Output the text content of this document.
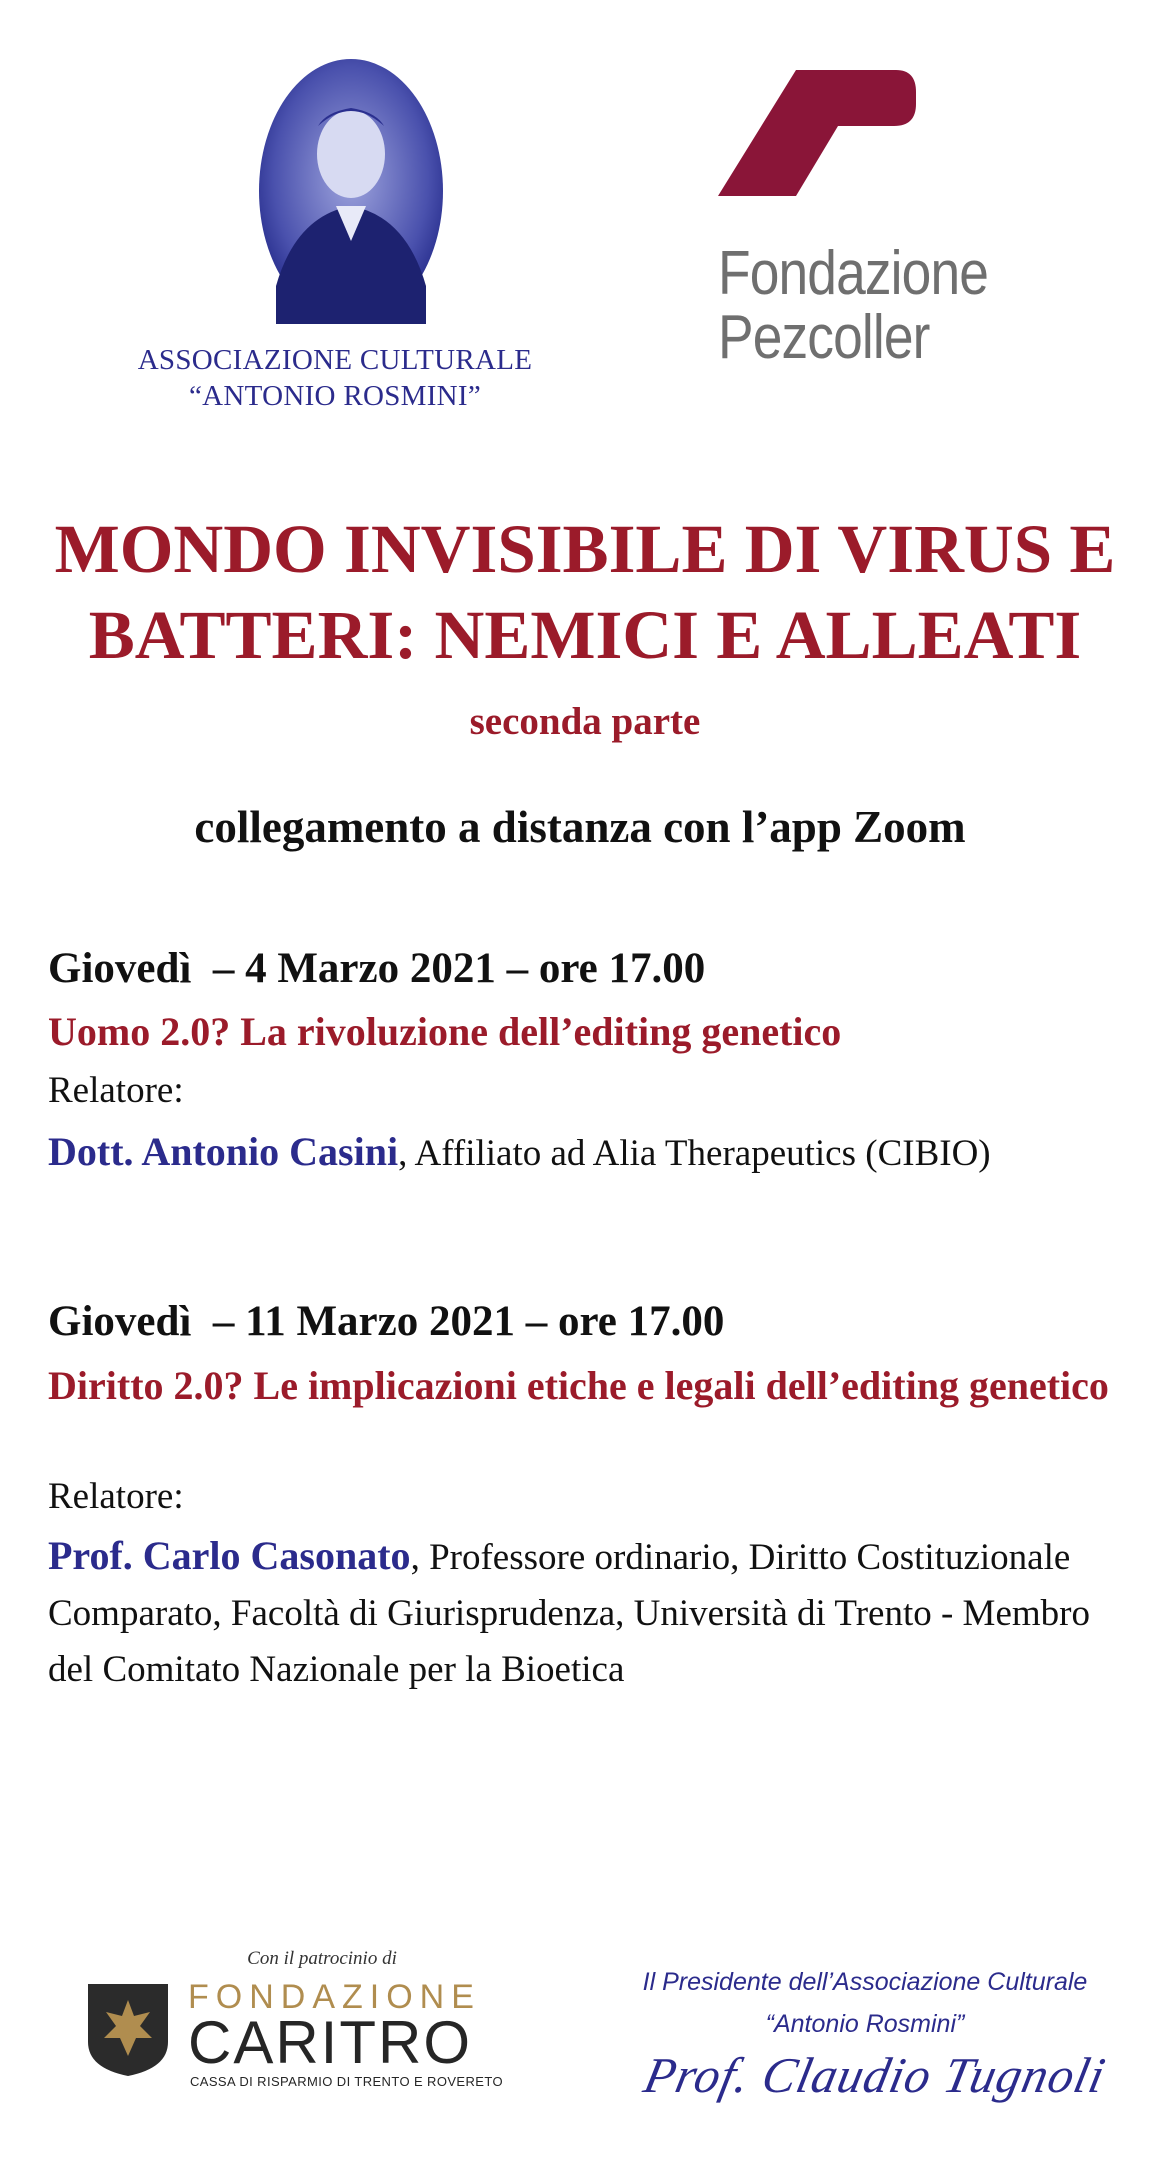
ASSOCIAZIONE CULTURALE
“ANTONIO ROSMINI”
Fondazione
Pezcoller
MONDO INVISIBILE DI VIRUS E
BATTERI: NEMICI E ALLEATI
seconda parte
collegamento a distanza con l’app Zoom
Giovedì  – 4 Marzo 2021 – ore 17.00
Uomo 2.0? La rivoluzione dell’editing genetico
Relatore:
Dott. Antonio Casini, Affiliato ad Alia Therapeutics (CIBIO)
Giovedì  – 11 Marzo 2021 – ore 17.00
Diritto 2.0? Le implicazioni etiche e legali dell’editing genetico
Relatore:
Prof. Carlo Casonato, Professore ordinario, Diritto Costituzionale Comparato, Facoltà di Giurisprudenza, Università di Trento - Membro del Comitato Nazionale per la Bioetica
Con il patrocinio di
FONDAZIONE
CARITRO
CASSA DI RISPARMIO DI TRENTO E ROVERETO
Il Presidente dell’Associazione Culturale
“Antonio Rosmini”
Prof. Claudio Tugnoli
